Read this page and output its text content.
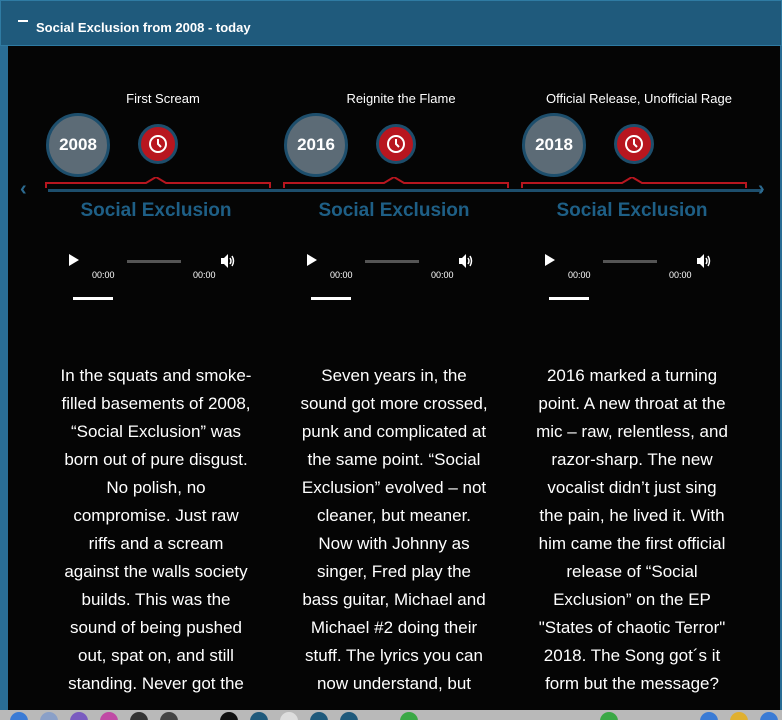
Social Exclusion from 2008 - today
‹	›
First Scream
2008
Social Exclusion
00:00	00:00
In the squats and smoke-
filled basements of 2008,
“Social Exclusion” was
born out of pure disgust.
No polish, no
compromise. Just raw
riffs and a scream
against the walls society
builds. This was the
sound of being pushed
out, spat on, and still
standing. Never got the
Reignite the Flame
2016
Social Exclusion
00:00	00:00
Seven years in, the
sound got more crossed,
punk and complicated at
the same point. “Social
Exclusion” evolved – not
cleaner, but meaner.
Now with Johnny as
singer, Fred play the
bass guitar, Michael and
Michael #2 doing their
stuff. The lyrics you can
now understand, but
Official Release, Unofficial Rage
2018
Social Exclusion
00:00	00:00
2016 marked a turning
point. A new throat at the
mic – raw, relentless, and
razor-sharp. The new
vocalist didn’t just sing
the pain, he lived it. With
him came the first official
release of “Social
Exclusion” on the EP
"States of chaotic Terror"
2018. The Song got´s it
form but the message?
